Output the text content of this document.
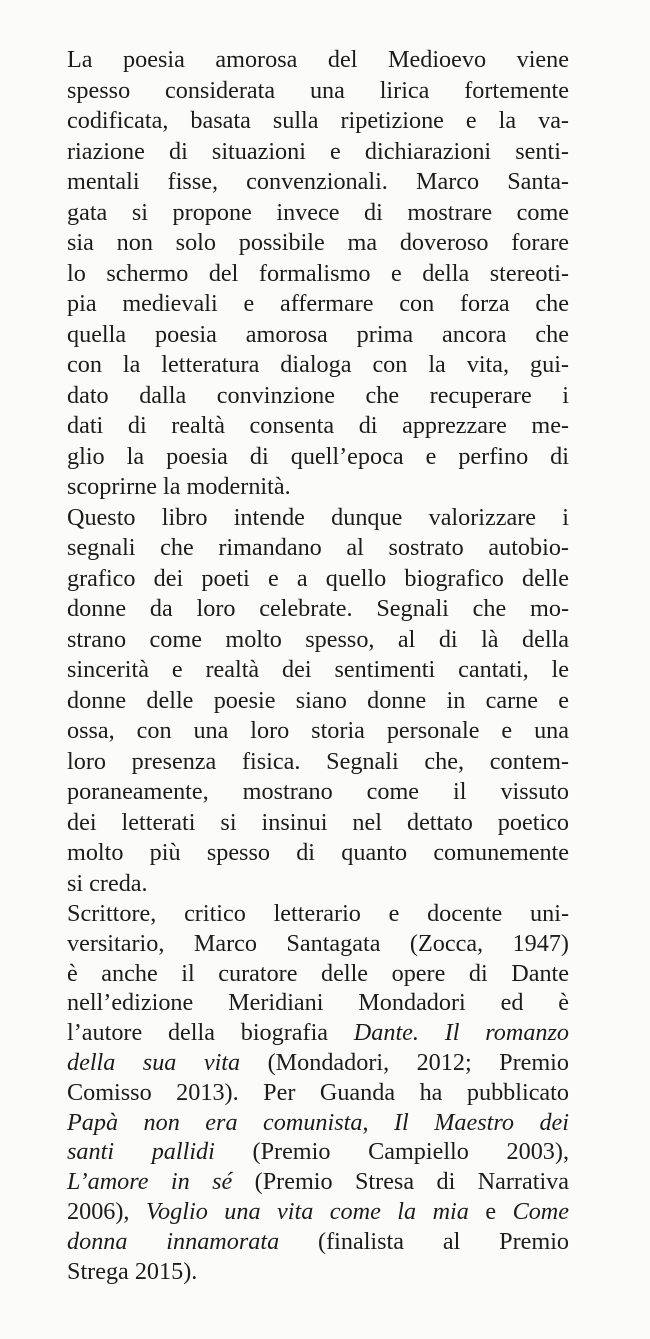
La poesia amorosa del Medioevo viene
spesso considerata una lirica fortemente
codificata, basata sulla ripetizione e la va-
riazione di situazioni e dichiarazioni senti-
mentali fisse, convenzionali. Marco Santa-
gata si propone invece di mostrare come
sia non solo possibile ma doveroso forare
lo schermo del formalismo e della stereoti-
pia medievali e affermare con forza che
quella poesia amorosa prima ancora che
con la letteratura dialoga con la vita, gui-
dato dalla convinzione che recuperare i
dati di realtà consenta di apprezzare me-
glio la poesia di quell’epoca e perfino di
scoprirne la modernità.
Questo libro intende dunque valorizzare i
segnali che rimandano al sostrato autobio-
grafico dei poeti e a quello biografico delle
donne da loro celebrate. Segnali che mo-
strano come molto spesso, al di là della
sincerità e realtà dei sentimenti cantati, le
donne delle poesie siano donne in carne e
ossa, con una loro storia personale e una
loro presenza fisica. Segnali che, contem-
poraneamente, mostrano come il vissuto
dei letterati si insinui nel dettato poetico
molto più spesso di quanto comunemente
si creda.
Scrittore, critico letterario e docente uni-
versitario, Marco Santagata (Zocca, 1947)
è anche il curatore delle opere di Dante
nell’edizione Meridiani Mondadori ed è
l’autore della biografia Dante. Il romanzo
della sua vita (Mondadori, 2012; Premio
Comisso 2013). Per Guanda ha pubblicato
Papà non era comunista, Il Maestro dei
santi pallidi (Premio Campiello 2003),
L’amore in sé (Premio Stresa di Narrativa
2006), Voglio una vita come la mia e Come
donna innamorata (finalista al Premio
Strega 2015).
